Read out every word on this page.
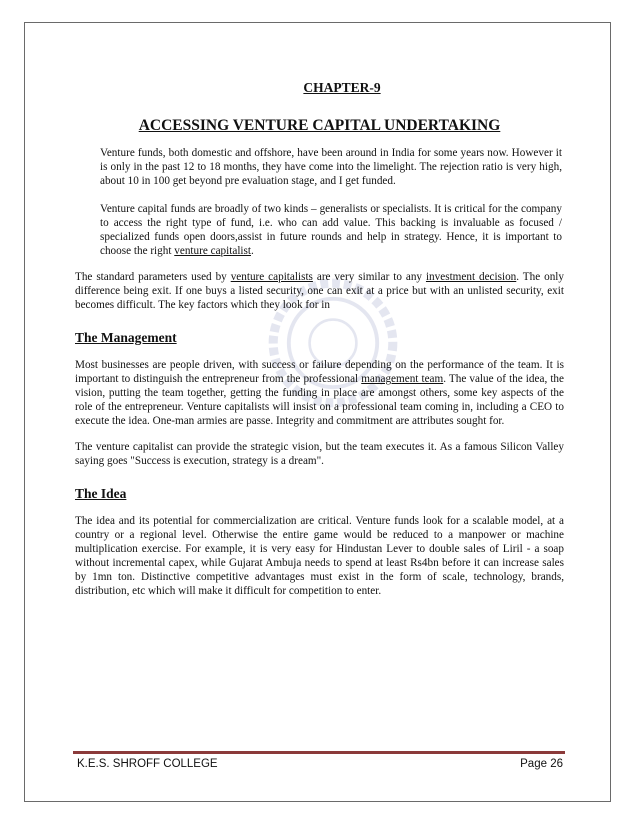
CHAPTER-9
ACCESSING VENTURE CAPITAL UNDERTAKING

Venture funds, both domestic and offshore, have been around in India for some years now. However it is only in the past 12 to 18 months, they have come into the limelight. The rejection ratio is very high, about 10 in 100 get beyond pre evaluation stage, and I get funded.

Venture capital funds are broadly of two kinds – generalists or specialists. It is critical for the company to access the right type of fund, i.e. who can add value. This backing is invaluable as focused / specialized funds open doors,assist in future rounds and help in strategy. Hence, it is important to choose the right venture capitalist.

The standard parameters used by venture capitalists are very similar to any investment decision. The only difference being exit. If one buys a listed security, one can exit at a price but with an unlisted security, exit becomes difficult. The key factors which they look for in

The Management

Most businesses are people driven, with success or failure depending on the performance of the team. It is important to distinguish the entrepreneur from the professional management team. The value of the idea, the vision, putting the team together, getting the funding in place are amongst others, some key aspects of the role of the entrepreneur. Venture capitalists will insist on a professional team coming in, including a CEO to execute the idea. One-man armies are passe. Integrity and commitment are attributes sought for.

The venture capitalist can provide the strategic vision, but the team executes it. As a famous Silicon Valley saying goes "Success is execution, strategy is a dream".

The Idea

The idea and its potential for commercialization are critical. Venture funds look for a scalable model, at a country or a regional level. Otherwise the entire game would be reduced to a manpower or machine multiplication exercise. For example, it is very easy for Hindustan Lever to double sales of Liril - a soap without incremental capex, while Gujarat Ambuja needs to spend at least Rs4bn before it can increase sales by 1mn ton. Distinctive competitive advantages must exist in the form of scale, technology, brands, distribution, etc which will make it difficult for competition to enter.

K.E.S. SHROFF COLLEGE	Page 26
